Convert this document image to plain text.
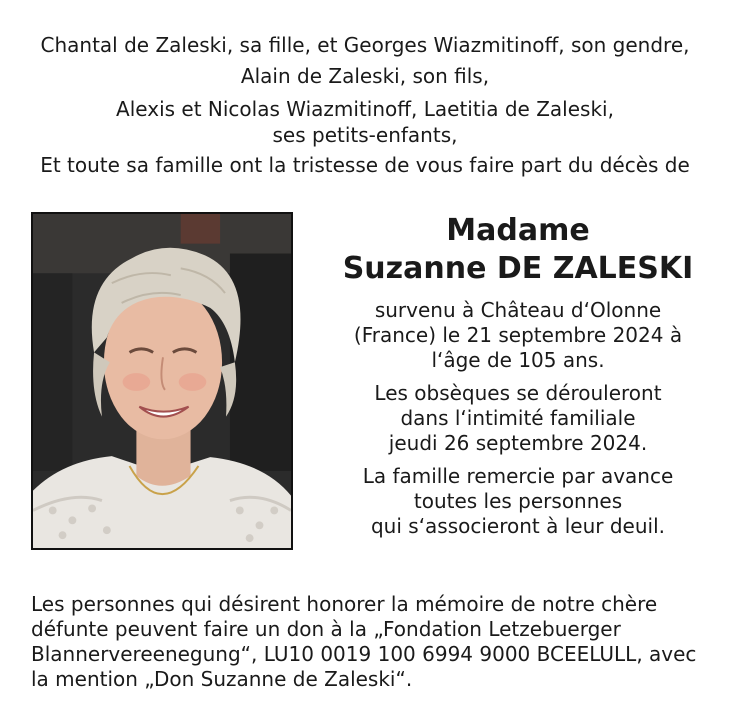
Chantal de Zaleski, sa fille, et Georges Wiazmitinoff, son gendre,

Alain de Zaleski, son fils,

Alexis et Nicolas Wiazmitinoff, Laetitia de Zaleski,

ses petits-enfants,

Et toute sa famille ont la tristesse de vous faire part du décès de

Madame

Suzanne DE ZALESKI

survenu à Château d‘Olonne
(France) le 21 septembre 2024 à
l‘âge de 105 ans.
Les obsèques se dérouleront
dans l‘intimité familiale
jeudi 26 septembre 2024.
La famille remercie par avance
toutes les personnes
qui s‘associeront à leur deuil.

Les personnes qui désirent honorer la mémoire de notre chère

défunte peuvent faire un don à la „Fondation Letzebuerger

Blannervereenegung“, LU10 0019 100 6994 9000 BCEELULL, avec

la mention „Don Suzanne de Zaleski“.
